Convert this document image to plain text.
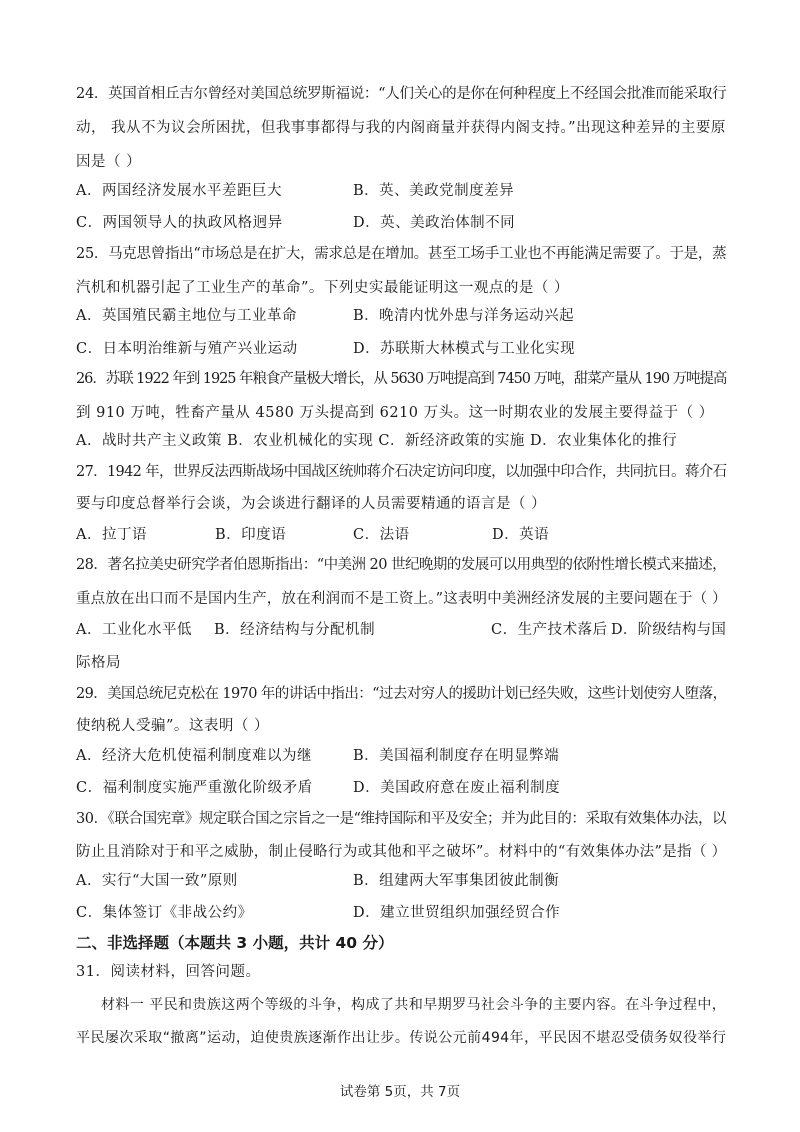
24．英国首相丘吉尔曾经对美国总统罗斯福说：“人们关心的是你在何种程度上不经国会批准而能采取行
动， 我从不为议会所困扰，但我事事都得与我的内阁商量并获得内阁支持。”出现这种差异的主要原
因是（ ）
A．两国经济发展水平差距巨大	B．英、美政党制度差异
C．两国领导人的执政风格迥异	D．英、美政治体制不同
25．马克思曾指出“市场总是在扩大，需求总是在增加。甚至工场手工业也不再能满足需要了。于是，蒸
汽机和机器引起了工业生产的革命”。下列史实最能证明这一观点的是（ ）
A．英国殖民霸主地位与工业革命	B．晚清内忧外患与洋务运动兴起
C．日本明治维新与殖产兴业运动	D．苏联斯大林模式与工业化实现
26．苏联 1922 年到 1925 年粮食产量极大增长，从 5630 万吨提高到 7450 万吨，甜菜产量从 190 万吨提高
到 910 万吨，牲畜产量从 4580 万头提高到 6210 万头。这一时期农业的发展主要得益于（ ）
A．战时共产主义政策 B．农业机械化的实现 C．新经济政策的实施 D．农业集体化的推行
27．1942 年，世界反法西斯战场中国战区统帅蒋介石决定访问印度，以加强中印合作，共同抗日。蒋介石
要与印度总督举行会谈，为会谈进行翻译的人员需要精通的语言是（ ）
A．拉丁语	B．印度语	C．法语	D．英语
28．著名拉美史研究学者伯恩斯指出：“中美洲 20 世纪晚期的发展可以用典型的依附性增长模式来描述，
重点放在出口而不是国内生产，放在利润而不是工资上。”这表明中美洲经济发展的主要问题在于（ ）
A．工业化水平低 B．经济结构与分配机制	C．生产技术落后 D．阶级结构与国
际格局
29．美国总统尼克松在 1970 年的讲话中指出：“过去对穷人的援助计划已经失败，这些计划使穷人堕落，
使纳税人受骗”。这表明（ ）
A．经济大危机使福利制度难以为继	B．美国福利制度存在明显弊端
C．福利制度实施严重激化阶级矛盾	D．美国政府意在废止福利制度
30．《联合国宪章》规定联合国之宗旨之一是“维持国际和平及安全；并为此目的：采取有效集体办法，以
防止且消除对于和平之威胁，制止侵略行为或其他和平之破坏”。材料中的“有效集体办法”是指（ ）
A．实行“大国一致”原则	B．组建两大军事集团彼此制衡
C．集体签订《非战公约》	D．建立世贸组织加强经贸合作
二、非选择题（本题共 3 小题，共计 40 分）
31．阅读材料，回答问题。
材料一 平民和贵族这两个等级的斗争，构成了共和早期罗马社会斗争的主要内容。在斗争过程中，
平民屡次采取“撤离”运动，迫使贵族逐渐作出让步。传说公元前494年，平民因不堪忍受债务奴役举行
试卷第 5页，共 7页
